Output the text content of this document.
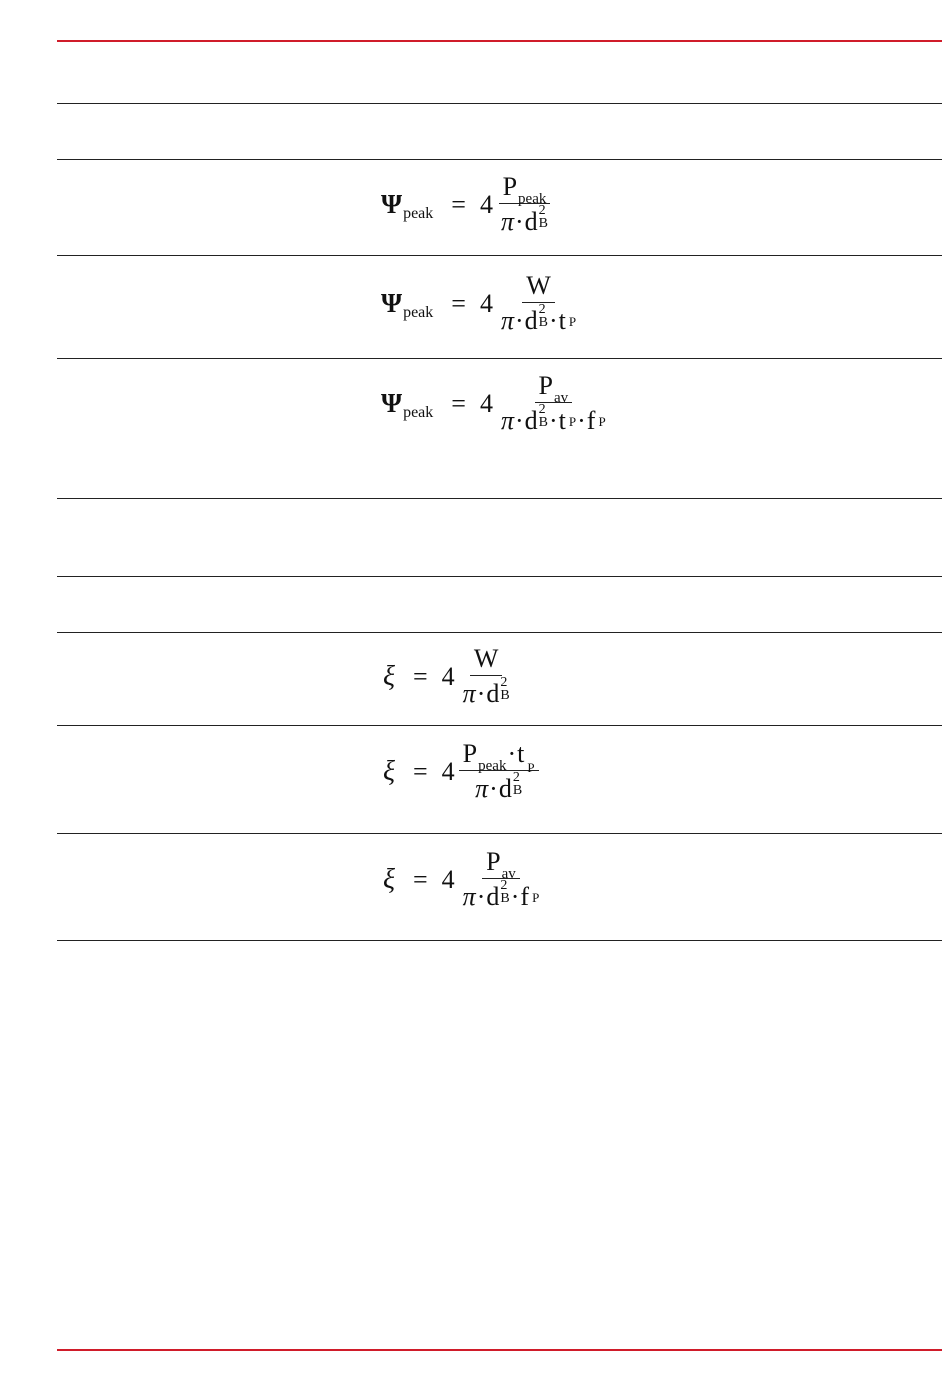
Ψ peak = 4 P peak
π · d 2
B
Ψ peak = 4 W
π · d 2
B · t P
Ψ peak = 4 P av
π · d 2
B · t P · f P
ξ = 4 W
π · d 2
B
ξ = 4 P peak · t P
π · d 2
B
ξ = 4 P av
π · d 2
B · f P
